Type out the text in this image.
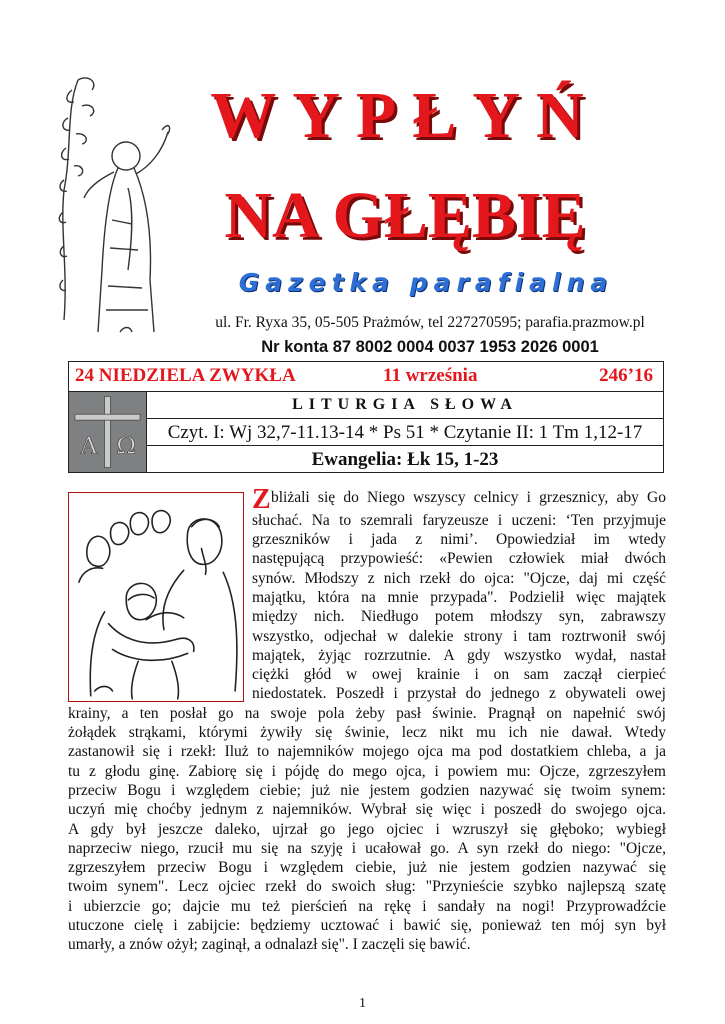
WYPŁYŃ
NA GŁĘBIĘ
Gazetka parafialna
ul. Fr. Ryxa 35, 05-505 Prażmów, tel 227270595; parafia.prazmow.pl
Nr konta 87 8002 0004 0037 1953 2026 0001
24 NIEDZIELA ZWYKŁA	11 września	246’16
Α Ω
LITURGIA SŁOWA
Czyt. I: Wj 32,7-11.13-14 * Ps 51 * Czytanie II: 1 Tm 1,12-17
Ewangelia: Łk 15, 1-23
Z bliżali się do Niego wszyscy celnicy i grzesznicy, aby Go
słuchać. Na to szemrali faryzeusze i uczeni: ‘Ten przyjmuje
grzeszników i jada z nimi’. Opowiedział im wtedy
następującą przypowieść: «Pewien człowiek miał dwóch
synów. Młodszy z nich rzekł do ojca: "Ojcze, daj mi część
majątku, która na mnie przypada". Podzielił więc majątek
między nich. Niedługo potem młodszy syn, zabrawszy
wszystko, odjechał w dalekie strony i tam roztrwonił swój
majątek, żyjąc rozrzutnie. A gdy wszystko wydał, nastał
ciężki głód w owej krainie i on sam zaczął cierpieć
niedostatek. Poszedł i przystał do jednego z obywateli owej
krainy, a ten posłał go na swoje pola żeby pasł świnie. Pragnął on napełnić swój
żołądek strąkami, którymi żywiły się świnie, lecz nikt mu ich nie dawał. Wtedy
zastanowił się i rzekł: Iluż to najemników mojego ojca ma pod dostatkiem chleba, a ja
tu z głodu ginę. Zabiorę się i pójdę do mego ojca, i powiem mu: Ojcze, zgrzeszyłem
przeciw Bogu i względem ciebie; już nie jestem godzien nazywać się twoim synem:
uczyń mię choćby jednym z najemników. Wybrał się więc i poszedł do swojego ojca.
A gdy był jeszcze daleko, ujrzał go jego ojciec i wzruszył się głęboko; wybiegł
naprzeciw niego, rzucił mu się na szyję i ucałował go. A syn rzekł do niego: "Ojcze,
zgrzeszyłem przeciw Bogu i względem ciebie, już nie jestem godzien nazywać się
twoim synem". Lecz ojciec rzekł do swoich sług: "Przynieście szybko najlepszą szatę
i ubierzcie go; dajcie mu też pierścień na rękę i sandały na nogi! Przyprowadźcie
utuczone cielę i zabijcie: będziemy ucztować i bawić się, ponieważ ten mój syn był
umarły, a znów ożył; zaginął, a odnalazł się". I zaczęli się bawić.
1
